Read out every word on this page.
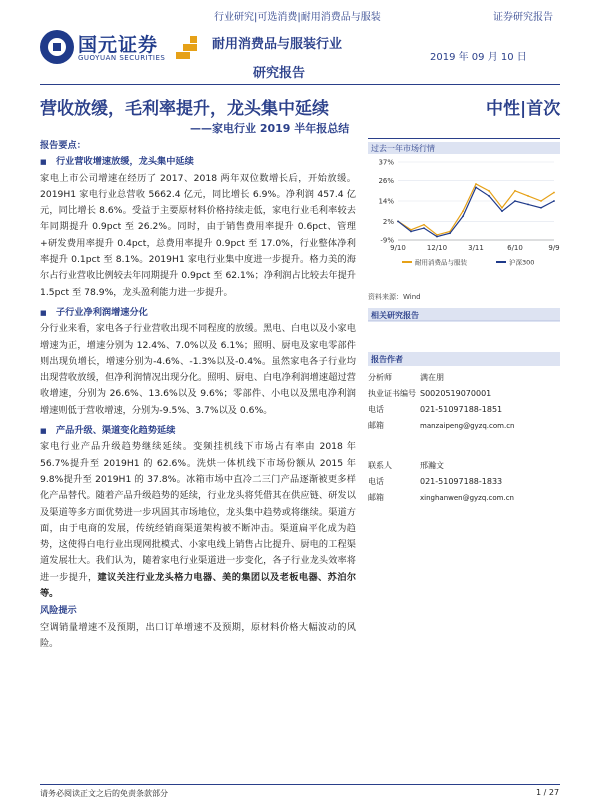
行业研究|可选消费|耐用消费品与服装	证券研究报告
国元证券
GUOYUAN SECURITIES
耐用消费品与服装行业
2019 年 09 月 10 日
研究报告
营收放缓，毛利率提升，龙头集中延续	中性|首次
——家电行业 2019 半年报总结
报告要点：
■ 行业营收增速放缓，龙头集中延续
家电上市公司增速在经历了 2017、2018 两年双位数增长后，开始放缓。2019H1 家电行业总营收 5662.4 亿元，同比增长 6.9%。净利润 457.4 亿元，同比增长 8.6%。受益于主要原材料价格持续走低，家电行业毛利率较去年同期提升 0.9pct 至 26.2%。同时，由于销售费用率提升 0.6pct、管理+研发费用率提升 0.4pct，总费用率提升 0.9pct 至 17.0%，行业整体净利率提升 0.1pct 至 8.1%。2019H1 家电行业集中度进一步提升。格力美的海尔占行业营收比例较去年同期提升 0.9pct 至 62.1%；净利润占比较去年提升 1.5pct 至 78.9%，龙头盈利能力进一步提升。
■ 子行业净利润增速分化
分行业来看，家电各子行业营收出现不同程度的放缓。黑电、白电以及小家电增速为正，增速分别为 12.4%、7.0%以及 6.1%；照明、厨电及家电零部件则出现负增长，增速分别为-4.6%、-1.3%以及-0.4%。虽然家电各子行业均出现营收放缓，但净利润情况出现分化。照明、厨电、白电净利润增速超过营收增速，分别为 26.6%、13.6%以及 9.6%；零部件、小电以及黑电净利润增速则低于营收增速，分别为-9.5%、3.7%以及 0.6%。
■ 产品升级、渠道变化趋势延续
家电行业产品升级趋势继续延续。变频挂机线下市场占有率由 2018 年 56.7%提升至 2019H1 的 62.6%。洗烘一体机线下市场份额从 2015 年 9.8%提升至 2019H1 的 37.8%。冰箱市场中直冷二三门产品逐渐被更多样化产品替代。随着产品升级趋势的延续，行业龙头将凭借其在供应链、研发以及渠道等多方面优势进一步巩固其市场地位，龙头集中趋势或将继续。渠道方面，由于电商的发展，传统经销商渠道架构被不断冲击。渠道扁平化成为趋势，这使得白电行业出现网批模式、小家电线上销售占比提升、厨电的工程渠道发展壮大。我们认为，随着家电行业渠道进一步变化，各子行业龙头效率将进一步提升，建议关注行业龙头格力电器、美的集团以及老板电器、苏泊尔等。
风险提示
空调销量增速不及预期，出口订单增速不及预期，原材料价格大幅波动的风险。
过去一年市场行情
37%
26%
14%
2%
-9%
9/10	12/10	3/11	6/10	9/9
耐用消费品与服装	沪深300
资料来源：Wind
相关研究报告
报告作者
分析师	满在朋
执业证书编号 S0020519070001
电话	021-51097188-1851
邮箱	manzaipeng@gyzq.com.cn
联系人	邢瀚文
电话	021-51097188-1833
邮箱	xinghanwen@gyzq.com.cn
请务必阅读正文之后的免责条款部分	1 / 27
